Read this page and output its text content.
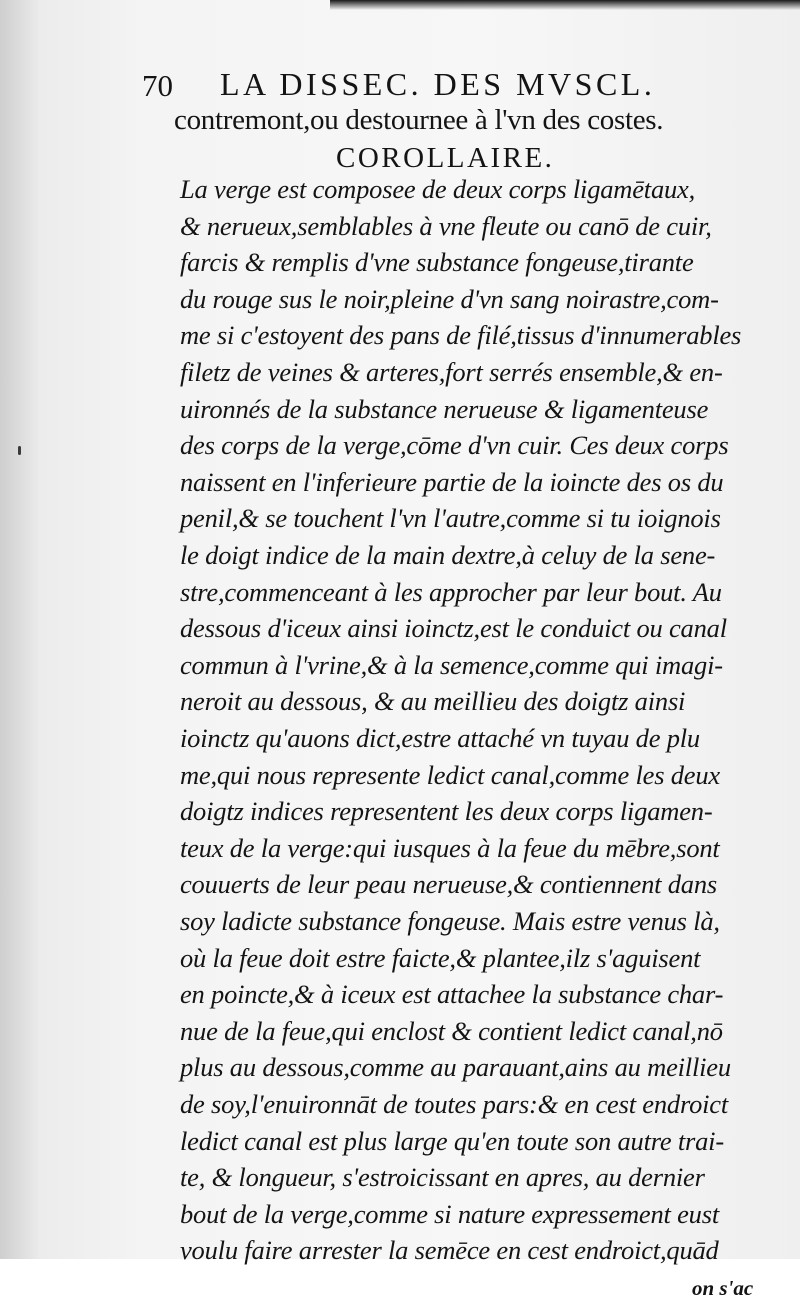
70 LA DISSEC. DES MVSCL.
contremont,ou destournee à l'vn des costes.
COROLLAIRE.
La verge est composee de deux corps ligamētaux,
& nerueux,semblables à vne fleute ou canō de cuir,
farcis & remplis d'vne substance fongeuse,tirante
du rouge sus le noir,pleine d'vn sang noirastre,com-
me si c'estoyent des pans de filé,tissus d'innumerables
filetz de veines & arteres,fort serrés ensemble,& en-
uironnés de la substance nerueuse & ligamenteuse
des corps de la verge,cōme d'vn cuir. Ces deux corps
naissent en l'inferieure partie de la ioincte des os du
penil,& se touchent l'vn l'autre,comme si tu ioignois
le doigt indice de la main dextre,à celuy de la sene-
stre,commenceant à les approcher par leur bout. Au
dessous d'iceux ainsi ioinctz,est le conduict ou canal
commun à l'vrine,& à la semence,comme qui imagi-
neroit au dessous, & au meillieu des doigtz ainsi
ioinctz qu'auons dict,estre attaché vn tuyau de plu
me,qui nous represente ledict canal,comme les deux
doigtz indices representent les deux corps ligamen-
teux de la verge:qui iusques à la feue du mēbre,sont
couuerts de leur peau nerueuse,& contiennent dans
soy ladicte substance fongeuse. Mais estre venus là,
où la feue doit estre faicte,& plantee,ilz s'aguisent
en poincte,& à iceux est attachee la substance char-
nue de la feue,qui enclost & contient ledict canal,nō
plus au dessous,comme au parauant,ains au meillieu
de soy,l'enuironnāt de toutes pars:& en cest endroict
ledict canal est plus large qu'en toute son autre trai-
te, & longueur, s'estroicissant en apres, au dernier
bout de la verge,comme si nature expressement eust
voulu faire arrester la semēce en cest endroict,quād
on s'ac
